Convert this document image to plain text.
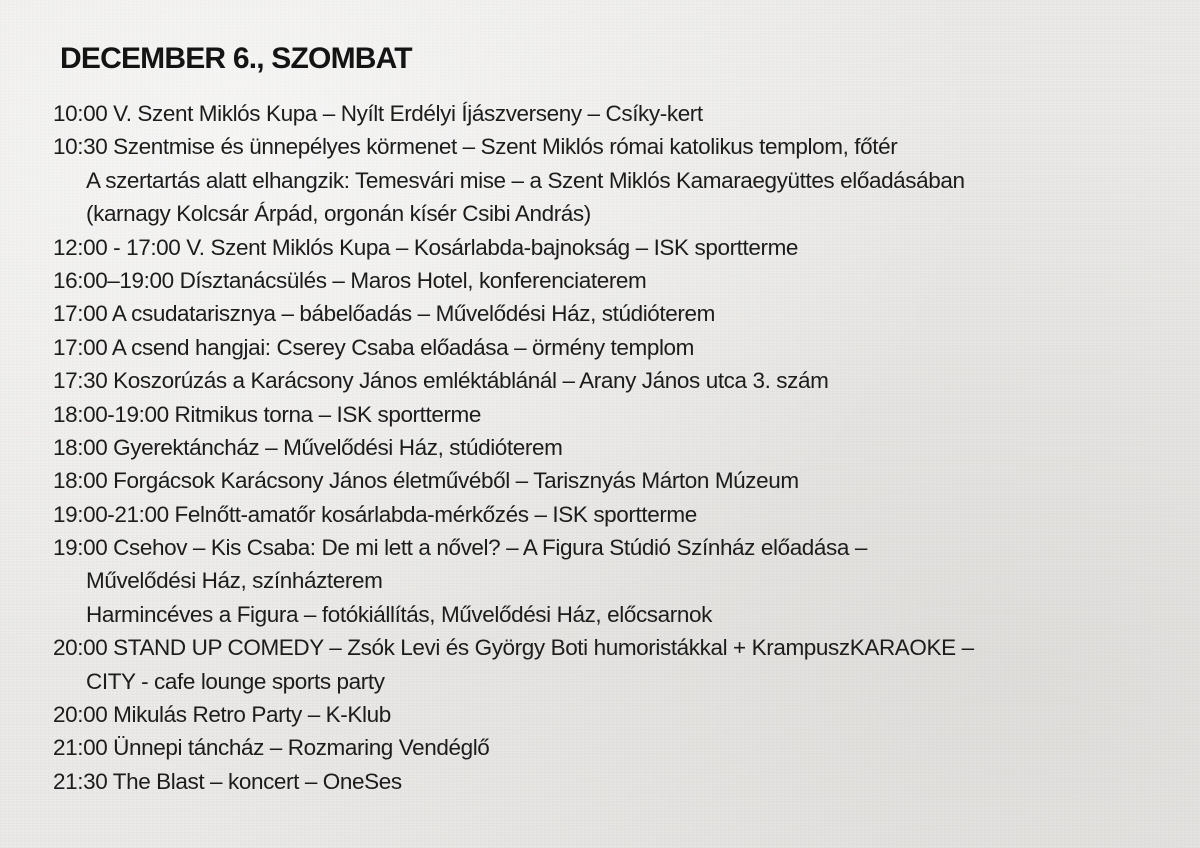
DECEMBER 6., SZOMBAT
10:00 V. Szent Miklós Kupa – Nyílt Erdélyi Íjászverseny – Csíky-kert
10:30 Szentmise és ünnepélyes körmenet – Szent Miklós római katolikus templom, főtér
A szertartás alatt elhangzik: Temesvári mise – a Szent Miklós Kamaraegyüttes előadásában
(karnagy Kolcsár Árpád, orgonán kísér Csibi András)
12:00 - 17:00 V. Szent Miklós Kupa – Kosárlabda-bajnokság – ISK sportterme
16:00–19:00 Dísztanácsülés – Maros Hotel, konferenciaterem
17:00 A csudatarisznya – bábelőadás – Művelődési Ház, stúdióterem
17:00 A csend hangjai: Cserey Csaba előadása – örmény templom
17:30 Koszorúzás a Karácsony János emléktáblánál – Arany János utca 3. szám
18:00-19:00 Ritmikus torna – ISK sportterme
18:00 Gyerektáncház – Művelődési Ház, stúdióterem
18:00 Forgácsok Karácsony János életművéből – Tarisznyás Márton Múzeum
19:00-21:00 Felnőtt-amatőr kosárlabda-mérkőzés – ISK sportterme
19:00 Csehov – Kis Csaba: De mi lett a nővel? – A Figura Stúdió Színház előadása –
Művelődési Ház, színházterem
Harmincéves a Figura – fotókiállítás, Művelődési Ház, előcsarnok
20:00 STAND UP COMEDY – Zsók Levi és György Boti humoristákkal + KrampuszKARAOKE –
CITY - cafe lounge sports party
20:00 Mikulás Retro Party – K-Klub
21:00 Ünnepi táncház – Rozmaring Vendéglő
21:30 The Blast – koncert – OneSes
